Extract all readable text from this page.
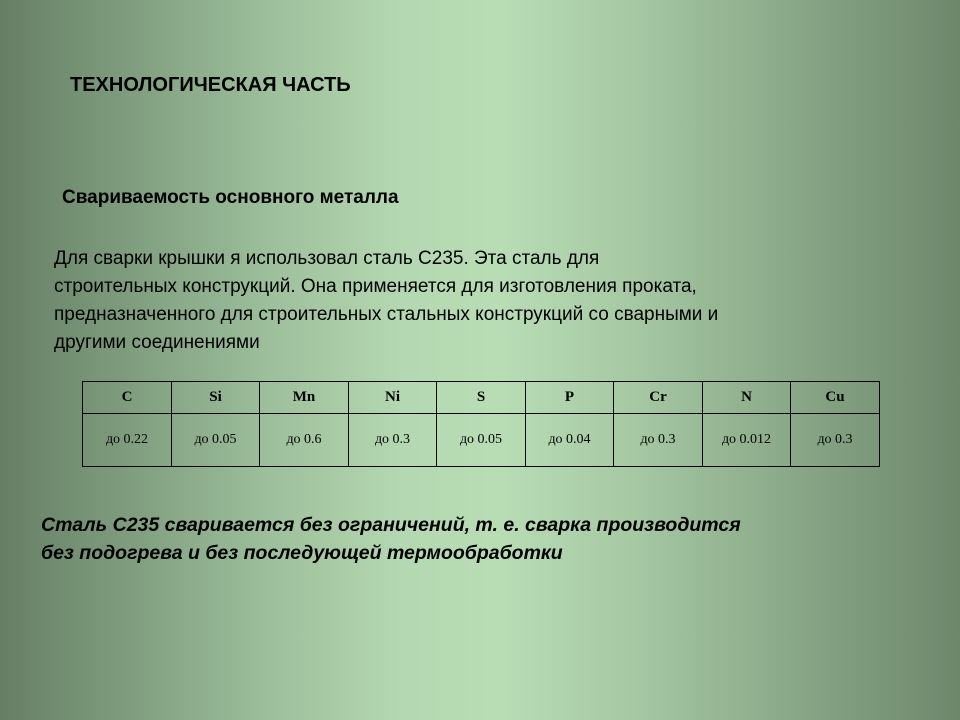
ТЕХНОЛОГИЧЕСКАЯ ЧАСТЬ
Свариваемость основного металла
Для сварки крышки я использовал сталь С235. Эта сталь для
строительных конструкций. Она применяется для изготовления проката,
предназначенного для строительных стальных конструкций со сварными и
другими соединениями
C	Si	Mn	Ni	S	P	Cr	N	Cu
до 0.22	до 0.05	до 0.6	до 0.3	до 0.05	до 0.04	до 0.3	до 0.012	до 0.3
Сталь С235 сваривается без ограничений, т. е. сварка производится
без подогрева и без последующей термообработки
